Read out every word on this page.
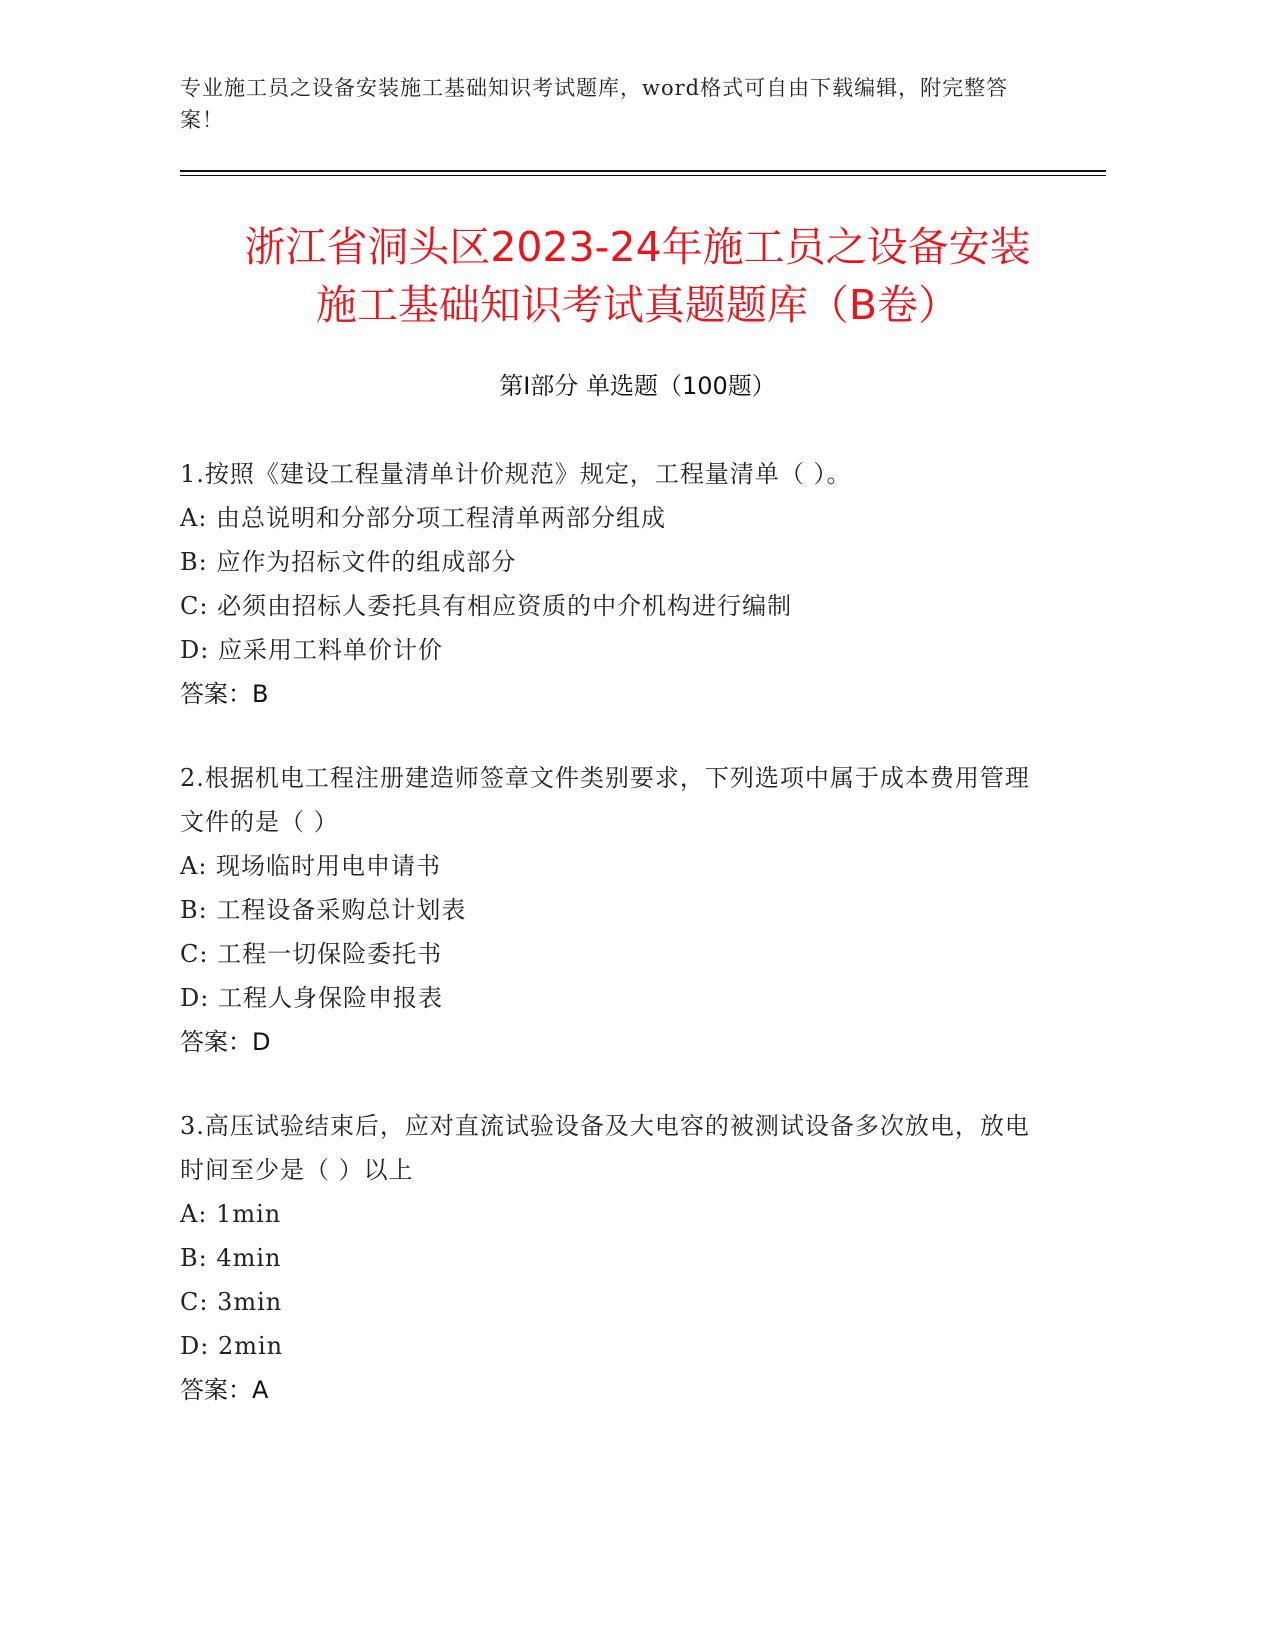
专业施工员之设备安装施工基础知识考试题库，word格式可自由下载编辑，附完整答案！
浙江省洞头区2023-24年施工员之设备安装
施工基础知识考试真题题库（B卷）
第Ⅰ部分 单选题（100题）
1.按照《建设工程量清单计价规范》规定，工程量清单（ ）。
A: 由总说明和分部分项工程清单两部分组成
B: 应作为招标文件的组成部分
C: 必须由招标人委托具有相应资质的中介机构进行编制
D: 应采用工料单价计价
答案：B
2.根据机电工程注册建造师签章文件类别要求，下列选项中属于成本费用管理文件的是（ ）
A: 现场临时用电申请书
B: 工程设备采购总计划表
C: 工程一切保险委托书
D: 工程人身保险申报表
答案：D
3.高压试验结束后，应对直流试验设备及大电容的被测试设备多次放电，放电时间至少是（ ）以上
A: 1min
B: 4min
C: 3min
D: 2min
答案：A
